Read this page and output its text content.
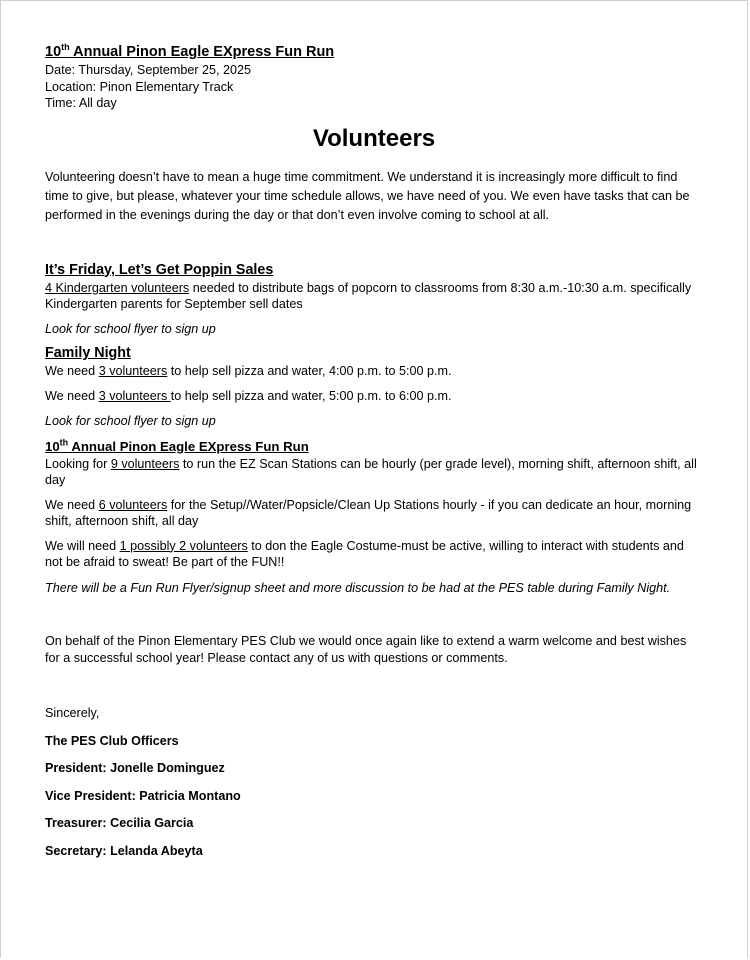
10th Annual Pinon Eagle EXpress Fun Run
Date: Thursday, September 25, 2025
Location: Pinon Elementary Track
Time: All day
Volunteers

Volunteering doesn’t have to mean a huge time commitment. We understand it is increasingly more difficult to find time to give, but please, whatever your time schedule allows, we have need of you. We even have tasks that can be performed in the evenings during the day or that don’t even involve coming to school at all.

It’s Friday, Let’s Get Poppin Sales

4 Kindergarten volunteers needed to distribute bags of popcorn to classrooms from 8:30 a.m.-10:30 a.m. specifically Kindergarten parents for September sell dates

Look for school flyer to sign up

Family Night

We need 3 volunteers to help sell pizza and water, 4:00 p.m. to 5:00 p.m.

We need 3 volunteers to help sell pizza and water, 5:00 p.m. to 6:00 p.m.

Look for school flyer to sign up

10th Annual Pinon Eagle EXpress Fun Run

Looking for 9 volunteers to run the EZ Scan Stations can be hourly (per grade level), morning shift, afternoon shift, all day

We need 6 volunteers for the Setup//Water/Popsicle/Clean Up Stations hourly - if you can dedicate an hour, morning shift, afternoon shift, all day

We will need 1 possibly 2 volunteers to don the Eagle Costume-must be active, willing to interact with students and not be afraid to sweat! Be part of the FUN!!

There will be a Fun Run Flyer/signup sheet and more discussion to be had at the PES table during Family Night.

On behalf of the Pinon Elementary PES Club we would once again like to extend a warm welcome and best wishes for a successful school year! Please contact any of us with questions or comments.

Sincerely,

The PES Club Officers

President: Jonelle Dominguez

Vice President: Patricia Montano

Treasurer: Cecilia Garcia

Secretary: Lelanda Abeyta
